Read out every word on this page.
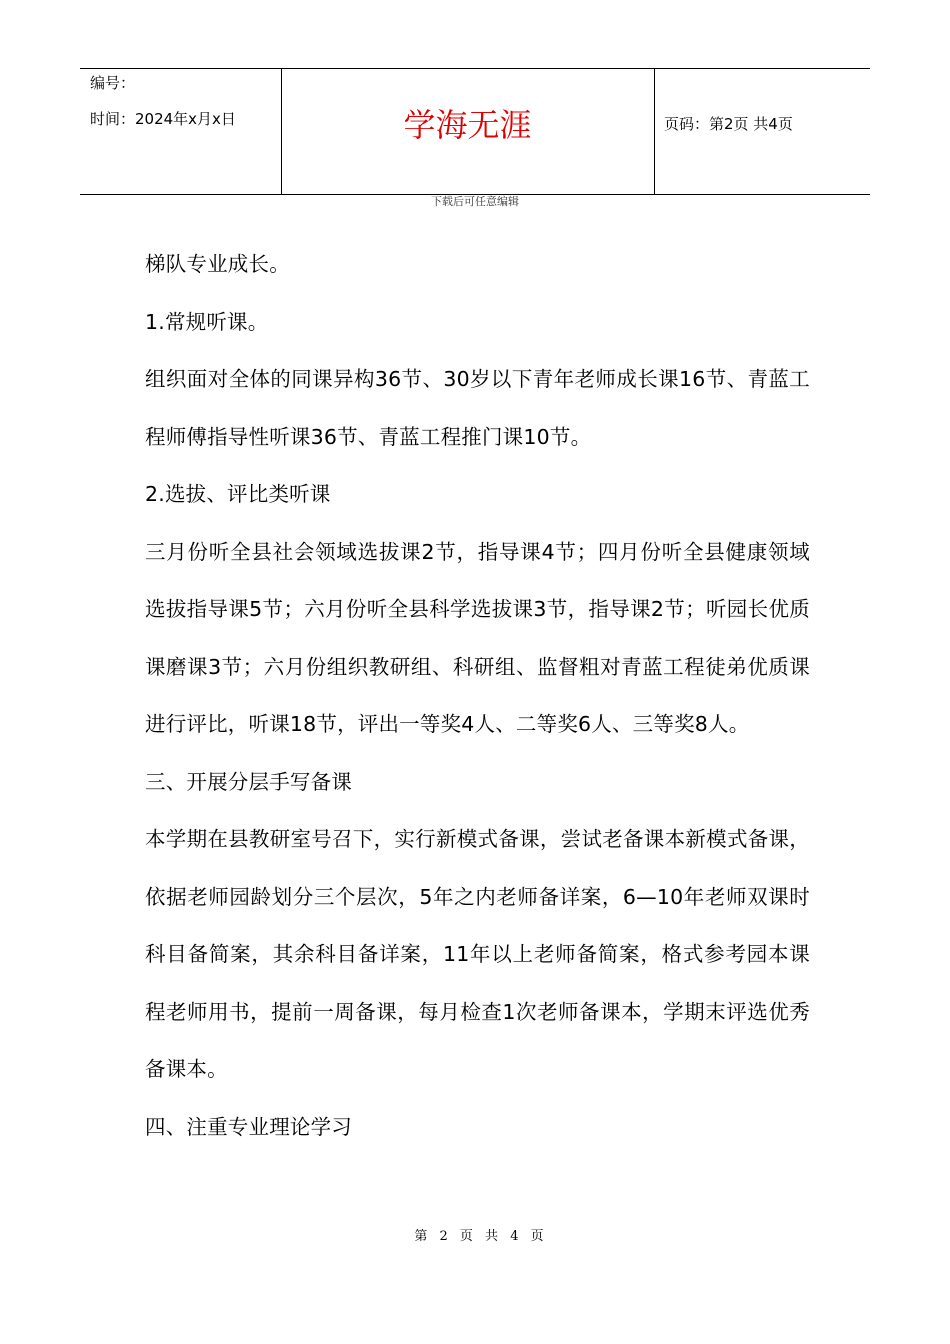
编号：
时间：2024年x月x日	学海无涯	页码：第2页 共4页
下载后可任意编辑

梯队专业成长。

1.常规听课。

组织面对全体的同课异构36节、30岁以下青年老师成长课16节、青蓝工程师傅指导性听课36节、青蓝工程推门课10节。

2.选拔、评比类听课

三月份听全县社会领域选拔课2节，指导课4节；四月份听全县健康领域选拔指导课5节；六月份听全县科学选拔课3节，指导课2节；听园长优质课磨课3节；六月份组织教研组、科研组、监督粗对青蓝工程徒弟优质课进行评比，听课18节，评出一等奖4人、二等奖6人、三等奖8人。

三、开展分层手写备课

本学期在县教研室号召下，实行新模式备课，尝试老备课本新模式备课，依据老师园龄划分三个层次，5年之内老师备详案，6—10年老师双课时科目备简案，其余科目备详案，11年以上老师备简案，格式参考园本课程老师用书，提前一周备课，每月检查1次老师备课本，学期末评选优秀备课本。

四、注重专业理论学习

第 2 页 共 4 页
